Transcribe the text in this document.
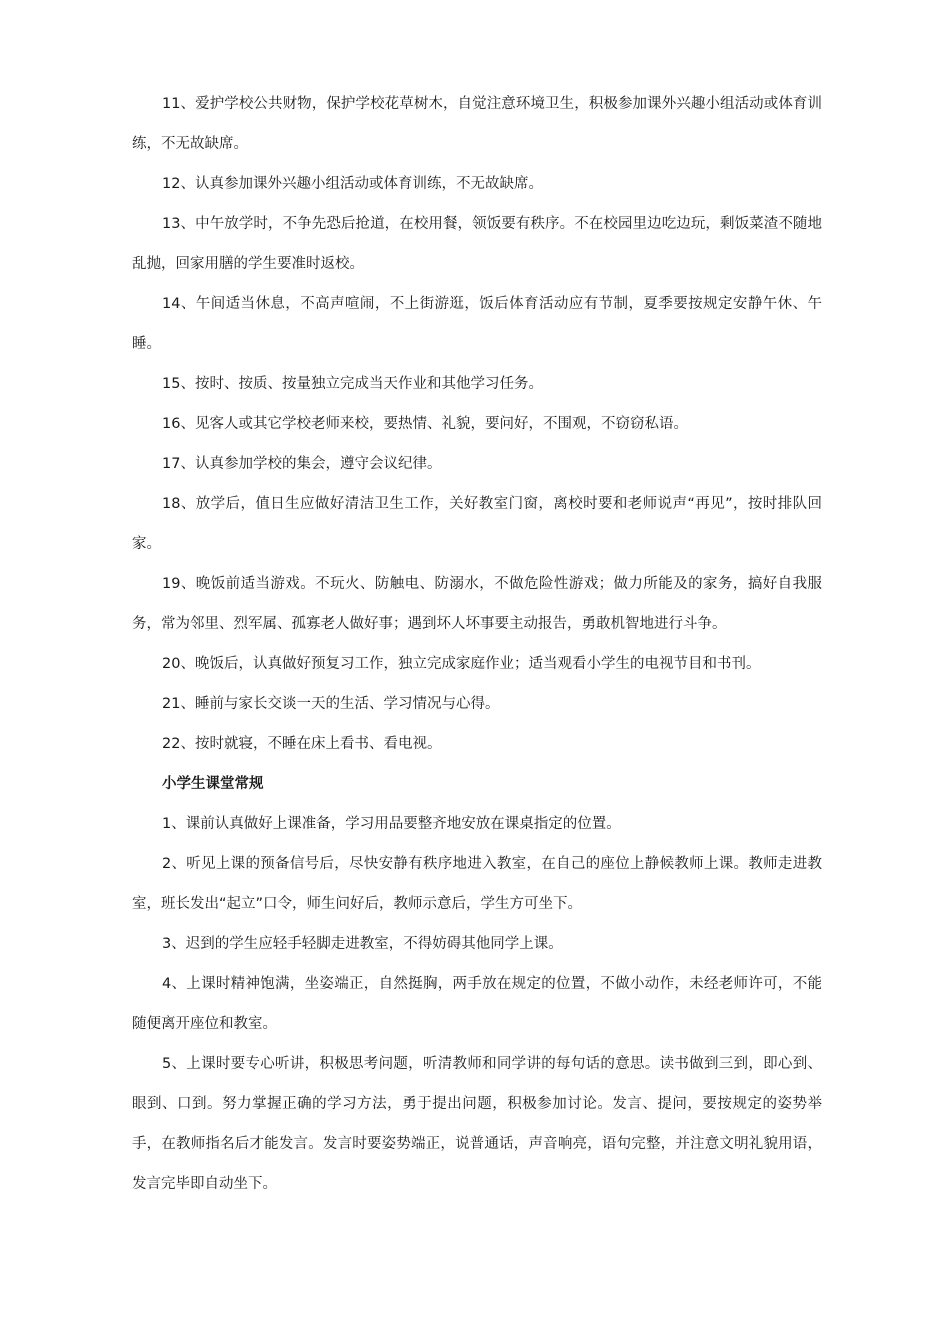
11、爱护学校公共财物，保护学校花草树木，自觉注意环境卫生，积极参加课外兴趣小组活动或体育训练，不无故缺席。

12、认真参加课外兴趣小组活动或体育训练，不无故缺席。

13、中午放学时，不争先恐后抢道，在校用餐，领饭要有秩序。不在校园里边吃边玩，剩饭菜渣不随地乱抛，回家用膳的学生要准时返校。

14、午间适当休息，不高声喧闹，不上街游逛，饭后体育活动应有节制，夏季要按规定安静午休、午睡。

15、按时、按质、按量独立完成当天作业和其他学习任务。

16、见客人或其它学校老师来校，要热情、礼貌，要问好，不围观，不窃窃私语。

17、认真参加学校的集会，遵守会议纪律。

18、放学后，值日生应做好清洁卫生工作，关好教室门窗，离校时要和老师说声“再见”，按时排队回家。

19、晚饭前适当游戏。不玩火、防触电、防溺水，不做危险性游戏；做力所能及的家务，搞好自我服务，常为邻里、烈军属、孤寡老人做好事；遇到坏人坏事要主动报告，勇敢机智地进行斗争。

20、晚饭后，认真做好预复习工作，独立完成家庭作业；适当观看小学生的电视节目和书刊。

21、睡前与家长交谈一天的生活、学习情况与心得。

22、按时就寝，不睡在床上看书、看电视。

小学生课堂常规

1、课前认真做好上课准备，学习用品要整齐地安放在课桌指定的位置。

2、听见上课的预备信号后，尽快安静有秩序地进入教室，在自己的座位上静候教师上课。教师走进教室，班长发出“起立”口令，师生问好后，教师示意后，学生方可坐下。

3、迟到的学生应轻手轻脚走进教室，不得妨碍其他同学上课。

4、上课时精神饱满，坐姿端正，自然挺胸，两手放在规定的位置，不做小动作，未经老师许可，不能随便离开座位和教室。

5、上课时要专心听讲，积极思考问题，听清教师和同学讲的每句话的意思。读书做到三到，即心到、眼到、口到。努力掌握正确的学习方法，勇于提出问题，积极参加讨论。发言、提问，要按规定的姿势举手，在教师指名后才能发言。发言时要姿势端正，说普通话，声音响亮，语句完整，并注意文明礼貌用语，发言完毕即自动坐下。
